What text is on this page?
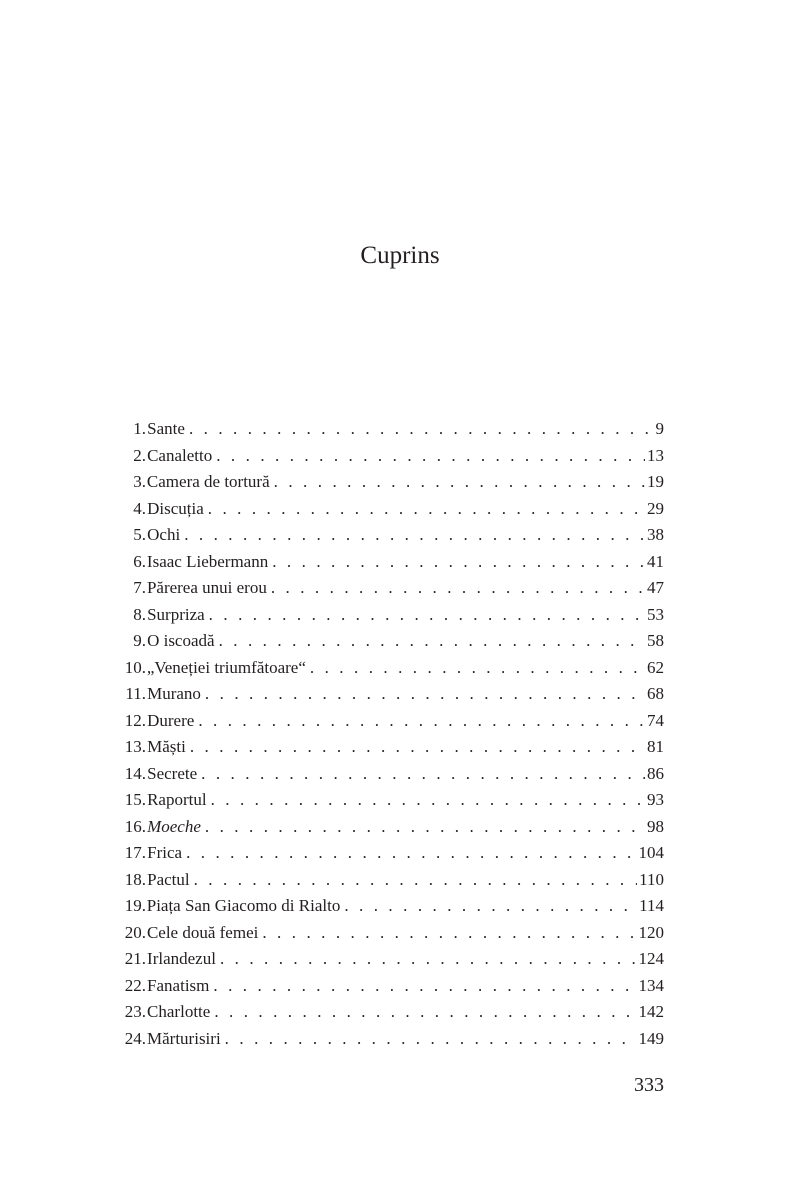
Cuprins
1. Sante . . .	9
2. Canaletto . . .	13
3. Camera de tortură . . .	19
4. Discuția . . .	29
5. Ochi . . .	38
6. Isaac Liebermann . . .	41
7. Părerea unui erou . . .	47
8. Surpriza . . .	53
9. O iscoadă . . .	58
10. „Veneției triumfătoare“ . . .	62
11. Murano . . .	68
12. Durere . . .	74
13. Măști . . .	81
14. Secrete . . .	86
15. Raportul . . .	93
16. Moeche . . .	98
17. Frica . . .	104
18. Pactul . . .	110
19. Piața San Giacomo di Rialto . . .	114
20. Cele două femei . . .	120
21. Irlandezul . . .	124
22. Fanatism . . .	134
23. Charlotte . . .	142
24. Mărturisiri . . .	149
333
